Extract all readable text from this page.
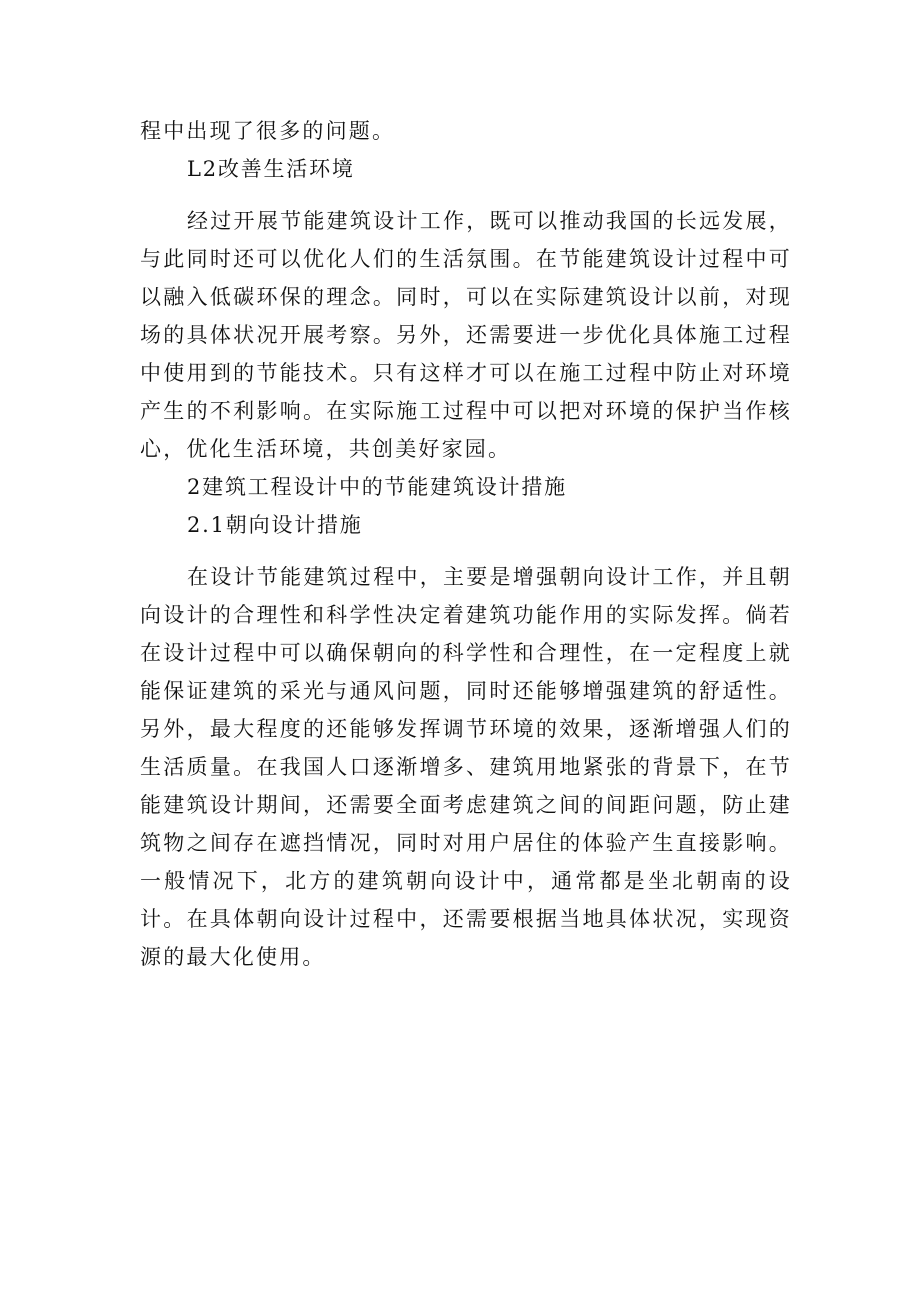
程中出现了很多的问题。

L2改善生活环境

经过开展节能建筑设计工作，既可以推动我国的长远发展，与此同时还可以优化人们的生活氛围。在节能建筑设计过程中可以融入低碳环保的理念。同时，可以在实际建筑设计以前，对现场的具体状况开展考察。另外，还需要进一步优化具体施工过程中使用到的节能技术。只有这样才可以在施工过程中防止对环境产生的不利影响。在实际施工过程中可以把对环境的保护当作核心，优化生活环境，共创美好家园。

2建筑工程设计中的节能建筑设计措施

2.1朝向设计措施

在设计节能建筑过程中，主要是增强朝向设计工作，并且朝向设计的合理性和科学性决定着建筑功能作用的实际发挥。倘若在设计过程中可以确保朝向的科学性和合理性，在一定程度上就能保证建筑的采光与通风问题，同时还能够增强建筑的舒适性。另外，最大程度的还能够发挥调节环境的效果，逐渐增强人们的生活质量。在我国人口逐渐增多、建筑用地紧张的背景下，在节能建筑设计期间，还需要全面考虑建筑之间的间距问题，防止建筑物之间存在遮挡情况，同时对用户居住的体验产生直接影响。一般情况下，北方的建筑朝向设计中，通常都是坐北朝南的设计。在具体朝向设计过程中，还需要根据当地具体状况，实现资源的最大化使用。
